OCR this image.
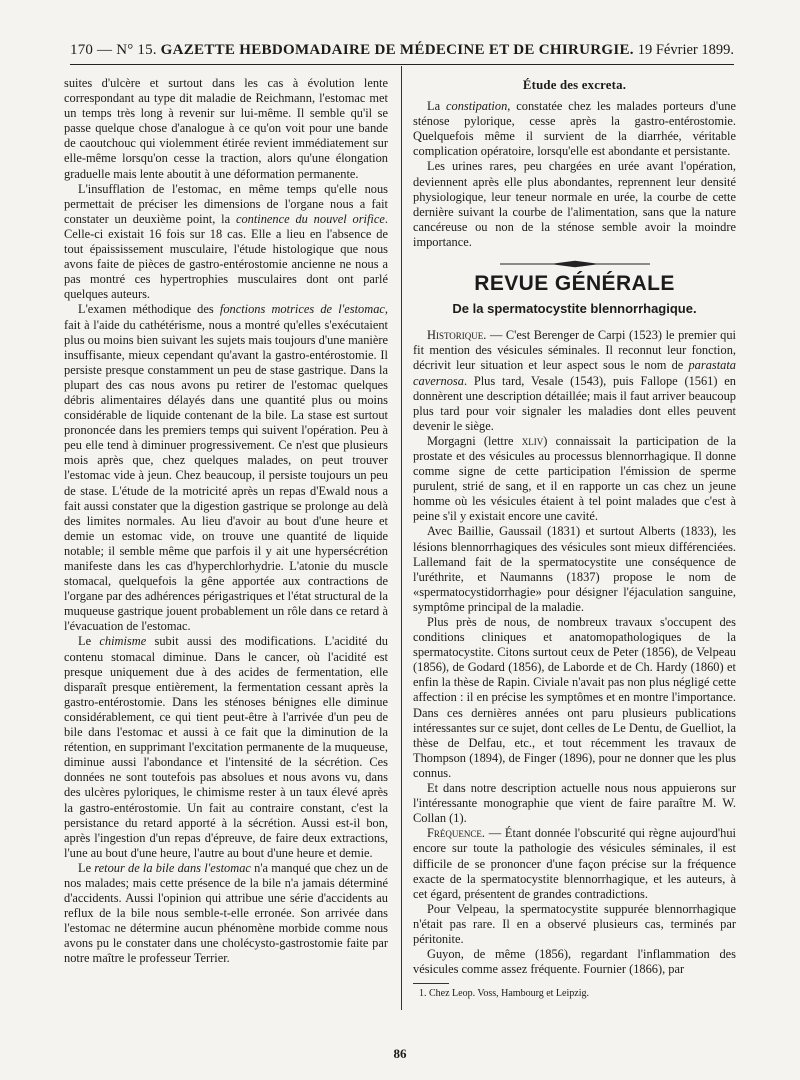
170 — N° 15. GAZETTE HEBDOMADAIRE DE MÉDECINE ET DE CHIRURGIE. 19 Février 1899.

suites d'ulcère et surtout dans les cas à évolution lente correspondant au type dit maladie de Reichmann, l'estomac met un temps très long à revenir sur lui-même. Il semble qu'il se passe quelque chose d'analogue à ce qu'on voit pour une bande de caoutchouc qui violemment étirée revient immédiatement sur elle-même lorsqu'on cesse la traction, alors qu'une élongation graduelle mais lente aboutit à une déformation permanente.

L'insufflation de l'estomac, en même temps qu'elle nous permettait de préciser les dimensions de l'organe nous a fait constater un deuxième point, la continence du nouvel orifice. Celle-ci existait 16 fois sur 18 cas. Elle a lieu en l'absence de tout épaississement musculaire, l'étude histologique que nous avons faite de pièces de gastro-entérostomie ancienne ne nous a pas montré ces hypertrophies musculaires dont ont parlé quelques auteurs.

L'examen méthodique des fonctions motrices de l'estomac, fait à l'aide du cathétérisme, nous a montré qu'elles s'exécutaient plus ou moins bien suivant les sujets mais toujours d'une manière insuffisante, mieux cependant qu'avant la gastro-entérostomie. Il persiste presque constamment un peu de stase gastrique. Dans la plupart des cas nous avons pu retirer de l'estomac quelques débris alimentaires délayés dans une quantité plus ou moins considérable de liquide contenant de la bile. La stase est surtout prononcée dans les premiers temps qui suivent l'opération. Peu à peu elle tend à diminuer progressivement. Ce n'est que plusieurs mois après que, chez quelques malades, on peut trouver l'estomac vide à jeun. Chez beaucoup, il persiste toujours un peu de stase. L'étude de la motricité après un repas d'Ewald nous a fait aussi constater que la digestion gastrique se prolonge au delà des limites normales. Au lieu d'avoir au bout d'une heure et demie un estomac vide, on trouve une quantité de liquide notable; il semble même que parfois il y ait une hypersécrétion manifeste dans les cas d'hyperchlorhydrie. L'atonie du muscle stomacal, quelquefois la gêne apportée aux contractions de l'organe par des adhérences périgastriques et l'état structural de la muqueuse gastrique jouent probablement un rôle dans ce retard à l'évacuation de l'estomac.

Le chimisme subit aussi des modifications. L'acidité du contenu stomacal diminue. Dans le cancer, où l'acidité est presque uniquement due à des acides de fermentation, elle disparaît presque entièrement, la fermentation cessant après la gastro-entérostomie. Dans les sténoses bénignes elle diminue considérablement, ce qui tient peut-être à l'arrivée d'un peu de bile dans l'estomac et aussi à ce fait que la diminution de la rétention, en supprimant l'excitation permanente de la muqueuse, diminue aussi l'abondance et l'intensité de la sécrétion. Ces données ne sont toutefois pas absolues et nous avons vu, dans des ulcères pyloriques, le chimisme rester à un taux élevé après la gastro-entérostomie. Un fait au contraire constant, c'est la persistance du retard apporté à la sécrétion. Aussi est-il bon, après l'ingestion d'un repas d'épreuve, de faire deux extractions, l'une au bout d'une heure, l'autre au bout d'une heure et demie.

Le retour de la bile dans l'estomac n'a manqué que chez un de nos malades; mais cette présence de la bile n'a jamais déterminé d'accidents. Aussi l'opinion qui attribue une série d'accidents au reflux de la bile nous semble-t-elle erronée. Son arrivée dans l'estomac ne détermine aucun phénomène morbide comme nous avons pu le constater dans une cholécysto-gastrostomie faite par notre maître le professeur Terrier.

Étude des excreta.

La constipation, constatée chez les malades porteurs d'une sténose pylorique, cesse après la gastro-entérostomie. Quelquefois même il survient de la diarrhée, véritable complication opératoire, lorsqu'elle est abondante et persistante.

Les urines rares, peu chargées en urée avant l'opération, deviennent après elle plus abondantes, reprennent leur densité physiologique, leur teneur normale en urée, la courbe de cette dernière suivant la courbe de l'alimentation, sans que la nature cancéreuse ou non de la sténose semble avoir la moindre importance.

REVUE GÉNÉRALE
De la spermatocystite blennorrhagique.

Historique. — C'est Berenger de Carpi (1523) le premier qui fit mention des vésicules séminales. Il reconnut leur fonction, décrivit leur situation et leur aspect sous le nom de parastata cavernosa. Plus tard, Vesale (1543), puis Fallope (1561) en donnèrent une description détaillée; mais il faut arriver beaucoup plus tard pour voir signaler les maladies dont elles peuvent devenir le siège.

Morgagni (lettre xliv) connaissait la participation de la prostate et des vésicules au processus blennorrhagique. Il donne comme signe de cette participation l'émission de sperme purulent, strié de sang, et il en rapporte un cas chez un jeune homme où les vésicules étaient à tel point malades que c'est à peine s'il y existait encore une cavité.

Avec Baillie, Gaussail (1831) et surtout Alberts (1833), les lésions blennorrhagiques des vésicules sont mieux différenciées. Lallemand fait de la spermatocystite une conséquence de l'uréthrite, et Naumanns (1837) propose le nom de «spermatocystidorrhagie» pour désigner l'éjaculation sanguine, symptôme principal de la maladie.

Plus près de nous, de nombreux travaux s'occupent des conditions cliniques et anatomopathologiques de la spermatocystite. Citons surtout ceux de Peter (1856), de Velpeau (1856), de Godard (1856), de Laborde et de Ch. Hardy (1860) et enfin la thèse de Rapin. Civiale n'avait pas non plus négligé cette affection : il en précise les symptômes et en montre l'importance. Dans ces dernières années ont paru plusieurs publications intéressantes sur ce sujet, dont celles de Le Dentu, de Guelliot, la thèse de Delfau, etc., et tout récemment les travaux de Thompson (1894), de Finger (1896), pour ne donner que les plus connus.

Et dans notre description actuelle nous nous appuierons sur l'intéressante monographie que vient de faire paraître M. W. Collan (1).

Fréquence. — Étant donnée l'obscurité qui règne aujourd'hui encore sur toute la pathologie des vésicules séminales, il est difficile de se prononcer d'une façon précise sur la fréquence exacte de la spermatocystite blennorrhagique, et les auteurs, à cet égard, présentent de grandes contradictions.

Pour Velpeau, la spermatocystite suppurée blennorrhagique n'était pas rare. Il en a observé plusieurs cas, terminés par péritonite.

Guyon, de même (1856), regardant l'inflammation des vésicules comme assez fréquente. Fournier (1866), par

1. Chez Leop. Voss, Hambourg et Leipzig.
86
